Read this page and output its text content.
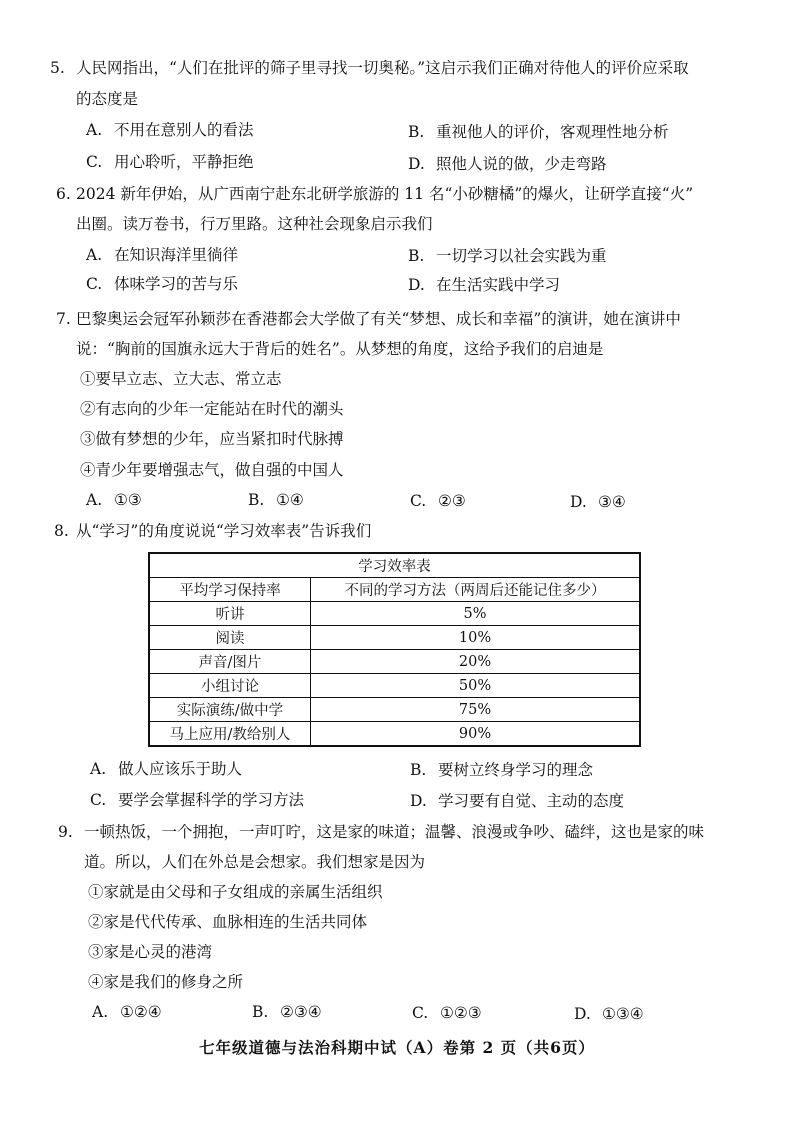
5. 人民网指出，“人们在批评的筛子里寻找一切奥秘。”这启示我们正确对待他人的评价应采取
的态度是
A. 不用在意别人的看法	B. 重视他人的评价，客观理性地分析
C. 用心聆听，平静拒绝	D. 照他人说的做，少走弯路
6. 2024 新年伊始，从广西南宁赴东北研学旅游的 11 名“小砂糖橘”的爆火，让研学直接“火”
出圈。读万卷书，行万里路。这种社会现象启示我们
A. 在知识海洋里徜徉	B. 一切学习以社会实践为重
C. 体味学习的苦与乐	D. 在生活实践中学习
7. 巴黎奥运会冠军孙颖莎在香港都会大学做了有关“梦想、成长和幸福”的演讲，她在演讲中
说：“胸前的国旗永远大于背后的姓名”。从梦想的角度，这给予我们的启迪是
①要早立志、立大志、常立志
②有志向的少年一定能站在时代的潮头
③做有梦想的少年，应当紧扣时代脉搏
④青少年要增强志气，做自强的中国人
A. ①③	B. ①④	C. ②③	D. ③④
8. 从“学习”的角度说说“学习效率表”告诉我们
学习效率表	
平均学习保持率	不同的学习方法（两周后还能记住多少）
听讲	5%
阅读	10%
声音/图片	20%
小组讨论	50%
实际演练/做中学	75%
马上应用/教给别人	90%
A. 做人应该乐于助人	B. 要树立终身学习的理念
C. 要学会掌握科学的学习方法	D. 学习要有自觉、主动的态度
9. 一顿热饭，一个拥抱，一声叮咛，这是家的味道；温馨、浪漫或争吵、磕绊，这也是家的味
道。所以，人们在外总是会想家。我们想家是因为
①家就是由父母和子女组成的亲属生活组织
②家是代代传承、血脉相连的生活共同体
③家是心灵的港湾
④家是我们的修身之所
A. ①②④	B. ②③④	C. ①②③	D. ①③④
七年级道德与法治科期中试（A）卷第 2 页（共6页）
